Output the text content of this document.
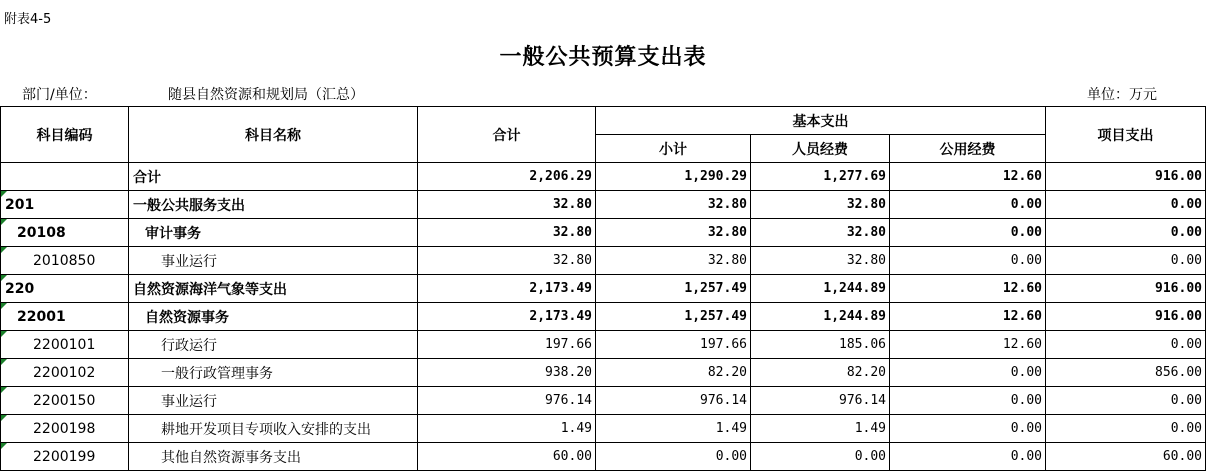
附表4-5
一般公共预算支出表
部门/单位：	随县自然资源和规划局（汇总）	单位：万元
科目编码	科目名称	合计	基本支出			项目支出
			小计	人员经费	公用经费	
	合计	2,206.29	1,290.29	1,277.69	12.60	916.00
201	一般公共服务支出	32.80	32.80	32.80	0.00	0.00
20108	审计事务	32.80	32.80	32.80	0.00	0.00
2010850	事业运行	32.80	32.80	32.80	0.00	0.00
220	自然资源海洋气象等支出	2,173.49	1,257.49	1,244.89	12.60	916.00
22001	自然资源事务	2,173.49	1,257.49	1,244.89	12.60	916.00
2200101	行政运行	197.66	197.66	185.06	12.60	0.00
2200102	一般行政管理事务	938.20	82.20	82.20	0.00	856.00
2200150	事业运行	976.14	976.14	976.14	0.00	0.00
2200198	耕地开发项目专项收入安排的支出	1.49	1.49	1.49	0.00	0.00
2200199	其他自然资源事务支出	60.00	0.00	0.00	0.00	60.00
